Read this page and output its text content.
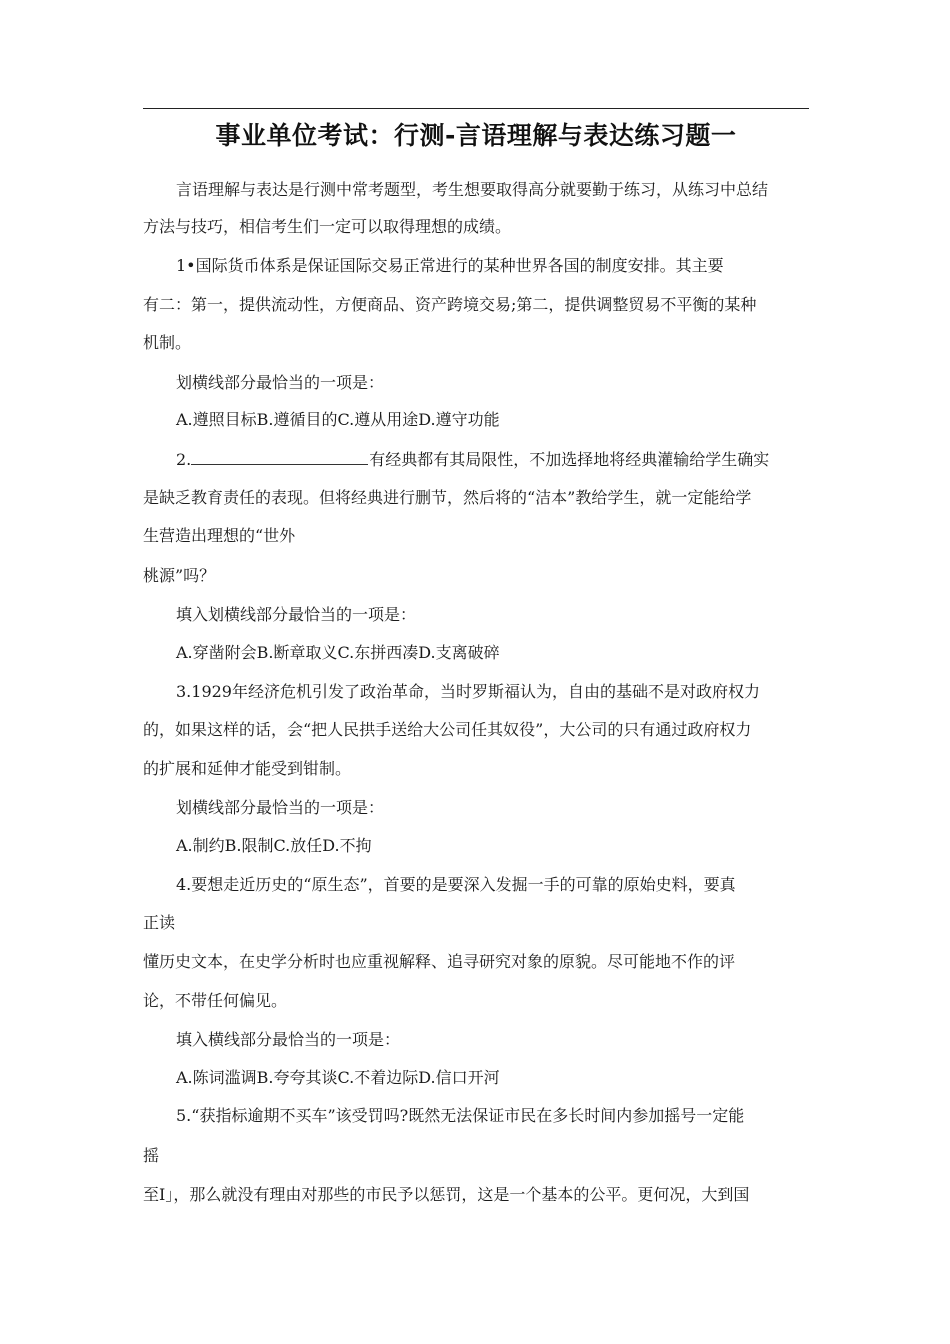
事业单位考试：行测-言语理解与表达练习题一
言语理解与表达是行测中常考题型，考生想要取得高分就要勤于练习，从练习中总结
方法与技巧，相信考生们一定可以取得理想的成绩。
1•国际货币体系是保证国际交易正常进行的某种世界各国的制度安排。其主要
有二：第一，提供流动性，方便商品、资产跨境交易;第二，提供调整贸易不平衡的某种
机制。
划横线部分最恰当的一项是：
A.遵照目标B.遵循目的C.遵从用途D.遵守功能
2.	有经典都有其局限性，不加选择地将经典灌输给学生确实
是缺乏教育责任的表现。但将经典进行删节，然后将的“洁本”教给学生，就一定能给学
生营造出理想的“世外
桃源”吗？
填入划横线部分最恰当的一项是：
A.穿凿附会B.断章取义C.东拼西凑D.支离破碎
3.1929年经济危机引发了政治革命，当时罗斯福认为，自由的基础不是对政府权力
的，如果这样的话，会“把人民拱手送给大公司任其奴役”，大公司的只有通过政府权力
的扩展和延伸才能受到钳制。
划横线部分最恰当的一项是：
A.制约B.限制C.放任D.不拘
4.要想走近历史的“原生态”，首要的是要深入发掘一手的可靠的原始史料，要真
正读
懂历史文本，在史学分析时也应重视解释、追寻研究对象的原貌。尽可能地不作的评
论，不带任何偏见。
填入横线部分最恰当的一项是：
A.陈词滥调B.夸夸其谈C.不着边际D.信口开河
5.“获指标逾期不买车”该受罚吗?既然无法保证市民在多长时间内参加摇号一定能
摇
至I」，那么就没有理由对那些的市民予以惩罚，这是一个基本的公平。更何况，大到国
